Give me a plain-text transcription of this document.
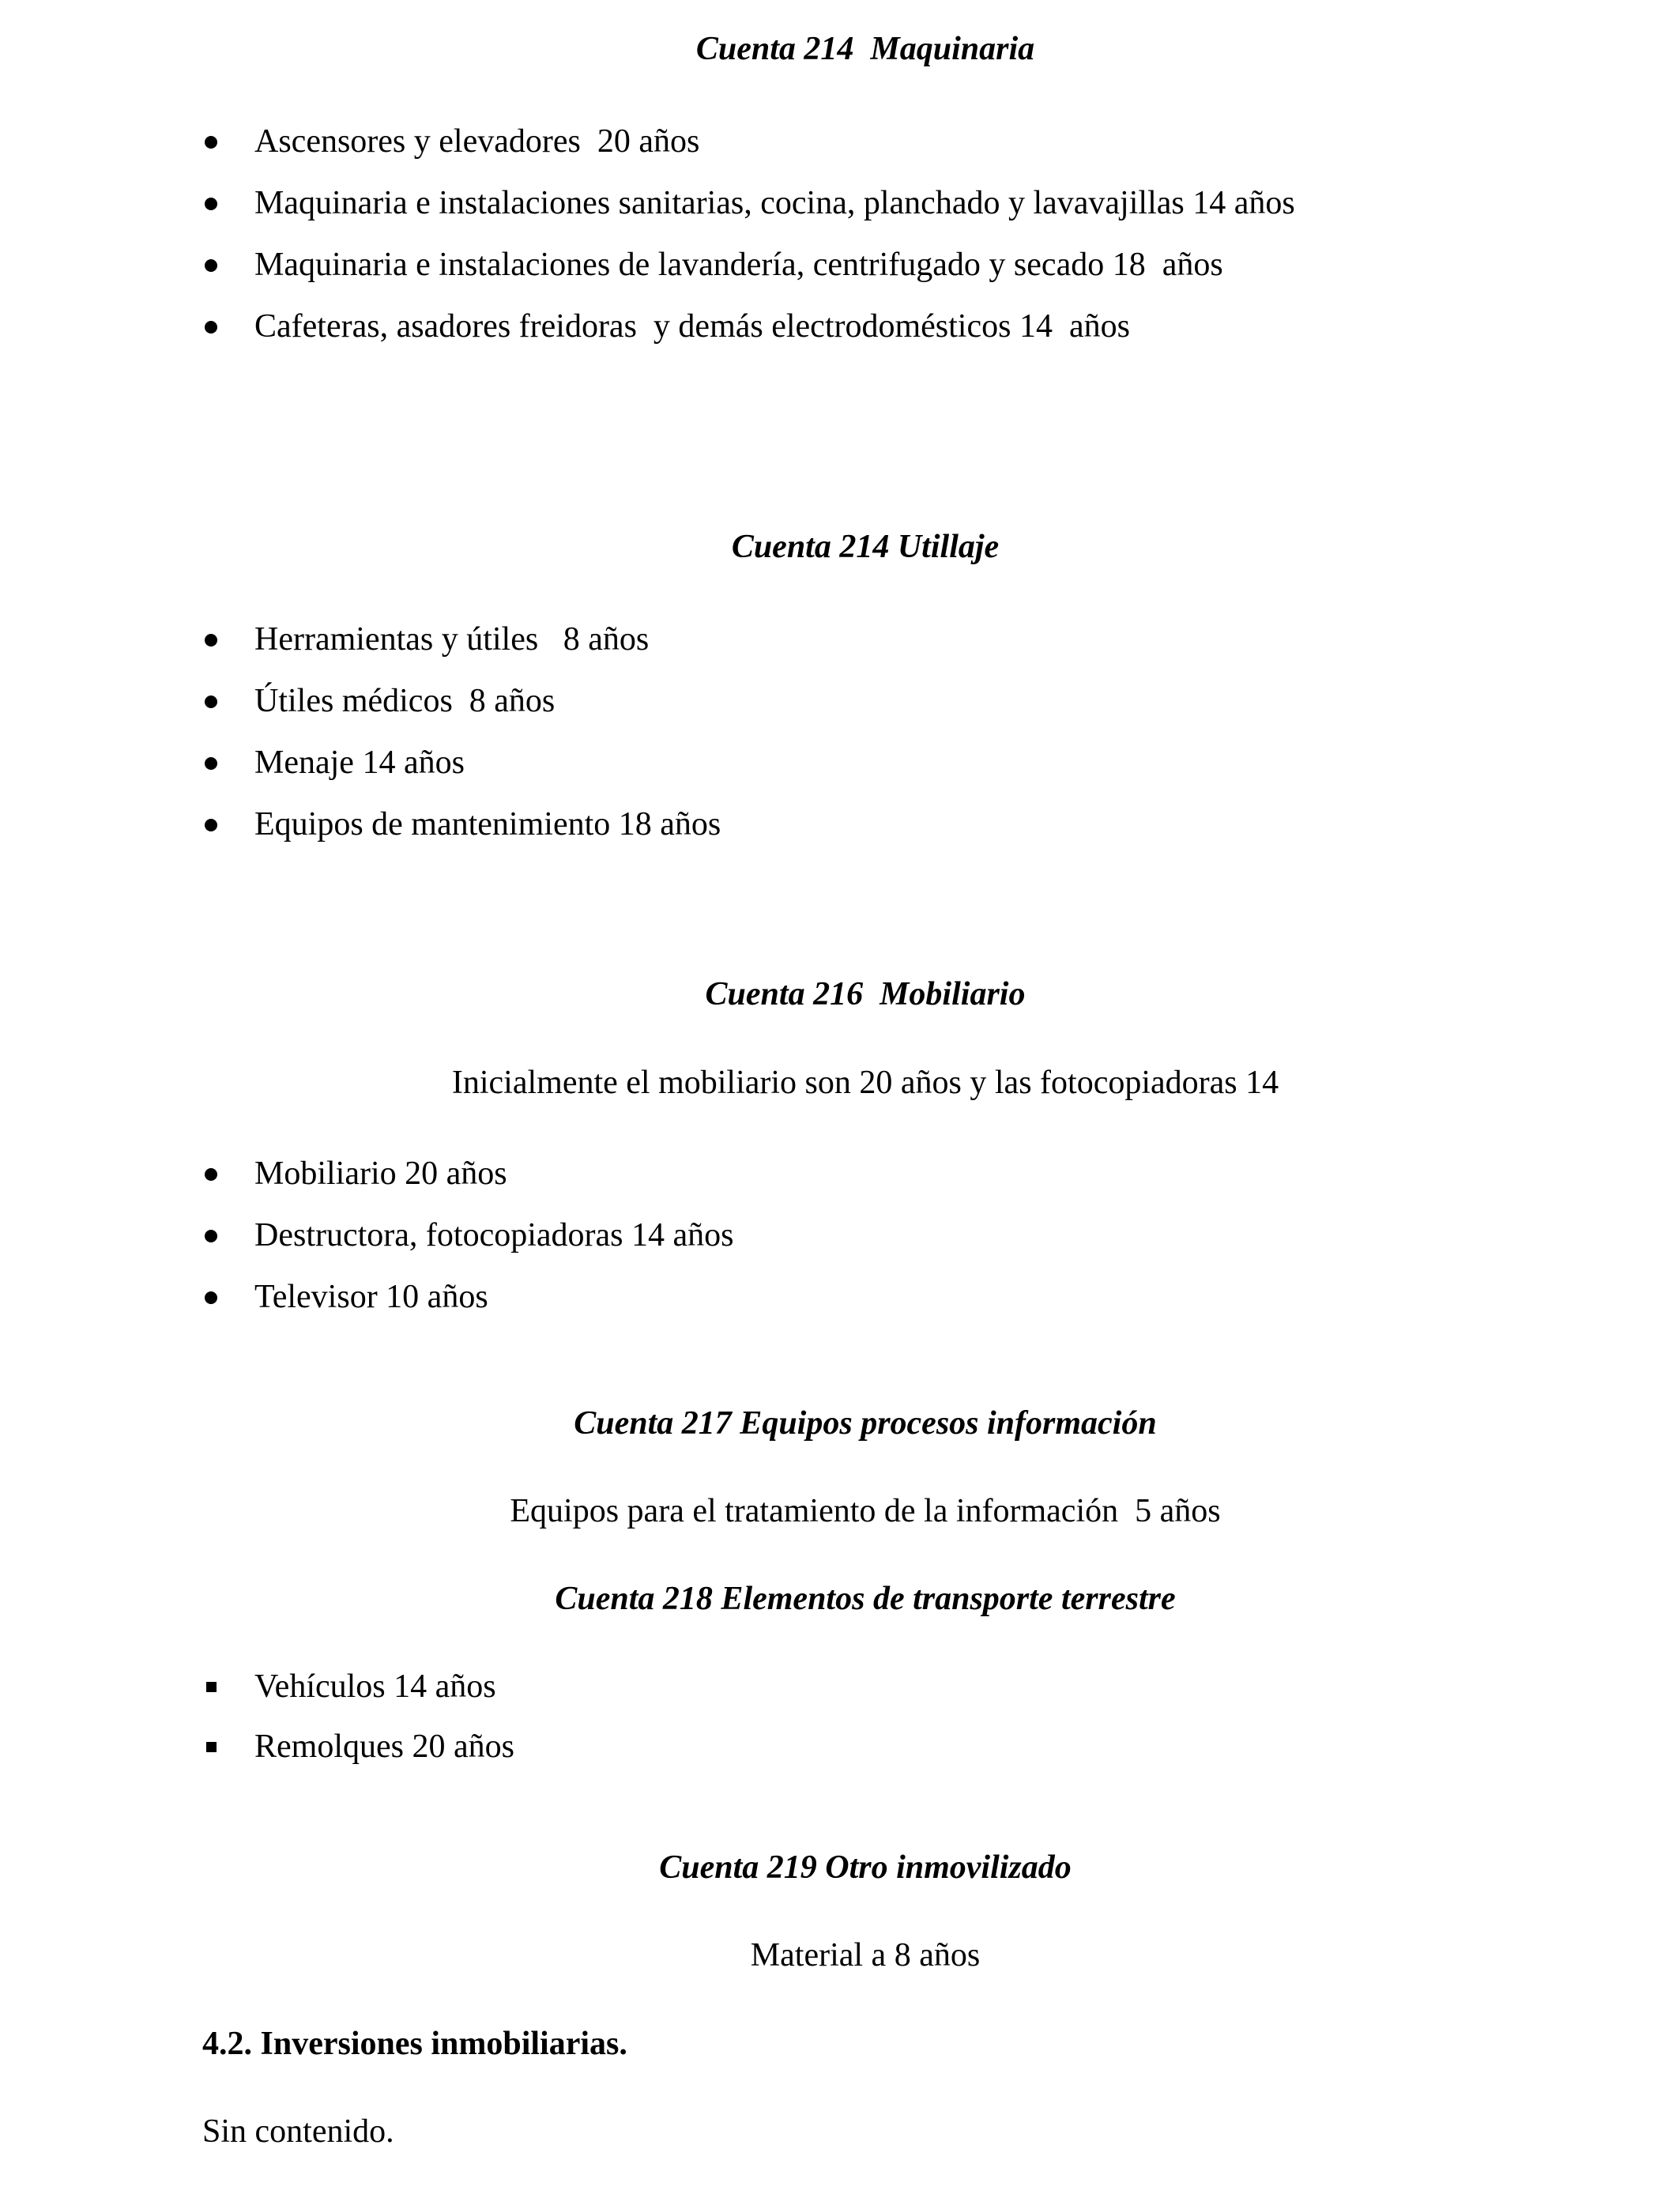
Cuenta 214  Maquinaria
Ascensores y elevadores  20 años
Maquinaria e instalaciones sanitarias, cocina, planchado y lavavajillas 14 años
Maquinaria e instalaciones de lavandería, centrifugado y secado 18  años
Cafeteras, asadores freidoras  y demás electrodomésticos 14  años
Cuenta 214 Utillaje
Herramientas y útiles   8 años
Útiles médicos  8 años
Menaje 14 años
Equipos de mantenimiento 18 años
Cuenta 216  Mobiliario
Inicialmente el mobiliario son 20 años y las fotocopiadoras 14
Mobiliario 20 años
Destructora, fotocopiadoras 14 años
Televisor 10 años
Cuenta 217 Equipos procesos información
Equipos para el tratamiento de la información  5 años
Cuenta 218 Elementos de transporte terrestre
Vehículos 14 años
Remolques 20 años
Cuenta 219 Otro inmovilizado
Material a 8 años
4.2. Inversiones inmobiliarias.
Sin contenido.
